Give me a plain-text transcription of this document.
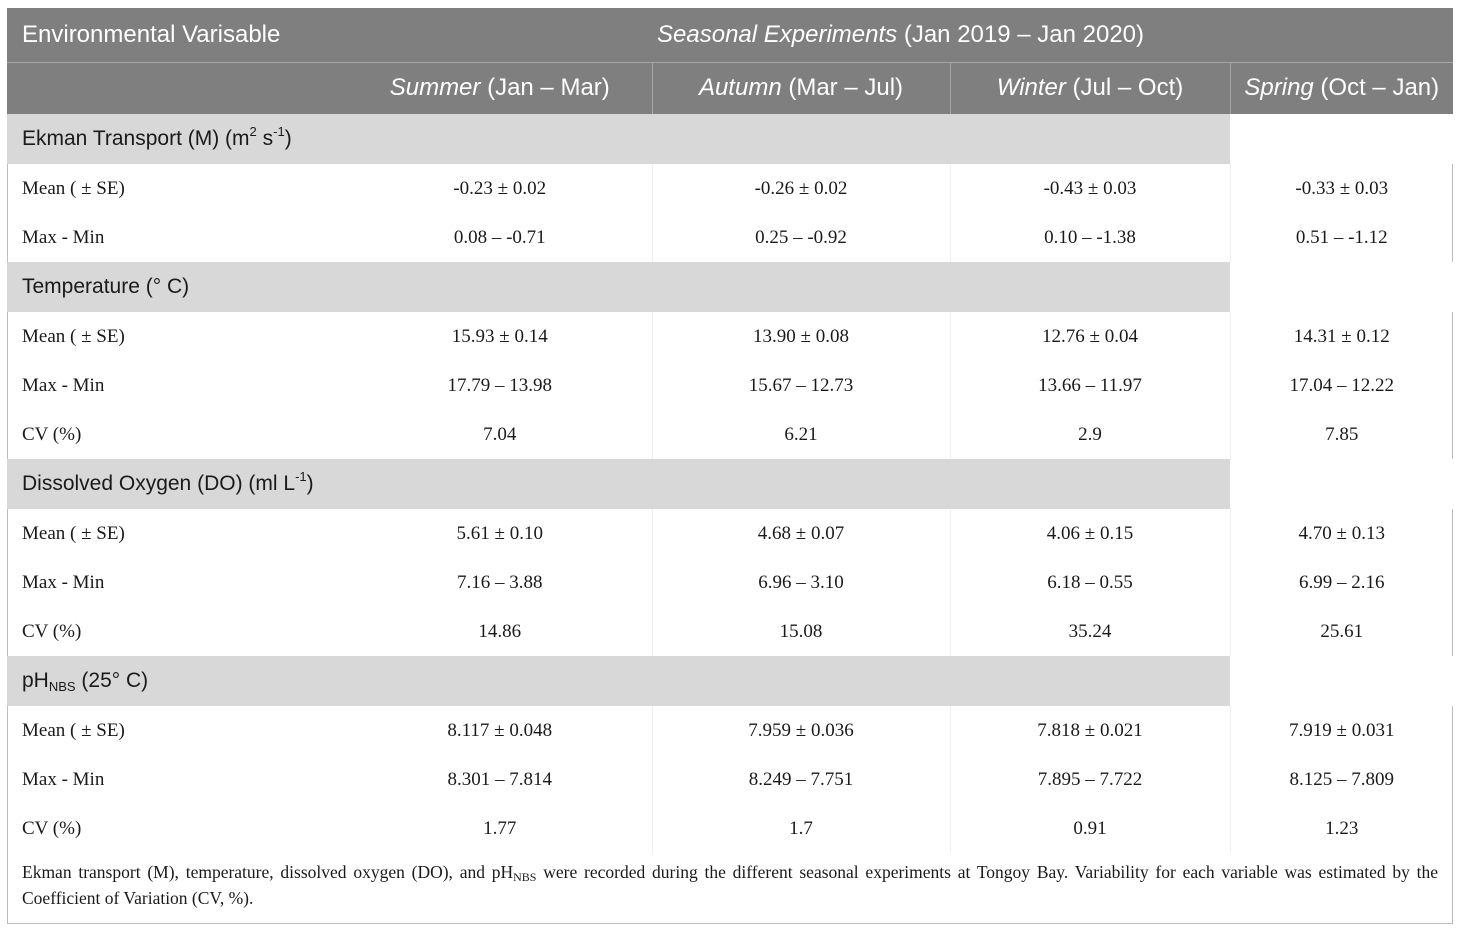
Environmental Varisable	Seasonal Experiments (Jan 2019 – Jan 2020)			
	Summer (Jan – Mar)	Autumn (Mar – Jul)	Winter (Jul – Oct)	Spring (Oct – Jan)
Ekman Transport (M) ($m^2$ $s^{-1}$)				
Mean ( ± SE)	-0.23 ± 0.02	-0.26 ± 0.02	-0.43 ± 0.03	-0.33 ± 0.03
Max - Min	0.08 – -0.71	0.25 – -0.92	0.10 – -1.38	0.51 – -1.12
Temperature (° C)				
Mean ( ± SE)	15.93 ± 0.14	13.90 ± 0.08	12.76 ± 0.04	14.31 ± 0.12
Max - Min	17.79 – 13.98	15.67 – 12.73	13.66 – 11.97	17.04 – 12.22
CV (%)	7.04	6.21	2.9	7.85
Dissolved Oxygen (DO) (ml $L^{-1}$)				
Mean ( ± SE)	5.61 ± 0.10	4.68 ± 0.07	4.06 ± 0.15	4.70 ± 0.13
Max - Min	7.16 – 3.88	6.96 – 3.10	6.18 – 0.55	6.99 – 2.16
CV (%)	14.86	15.08	35.24	25.61
$pH_{NBS}$ (25° C)				
Mean ( ± SE)	8.117 ± 0.048	7.959 ± 0.036	7.818 ± 0.021	7.919 ± 0.031
Max - Min	8.301 – 7.814	8.249 – 7.751	7.895 – 7.722	8.125 – 7.809
CV (%)	1.77	1.7	0.91	1.23
Ekman transport (M), temperature, dissolved oxygen (DO), and pHNBS were recorded during the different seasonal experiments at Tongoy Bay. Variability for each variable was estimated by the Coefficient of Variation (CV, %).				
